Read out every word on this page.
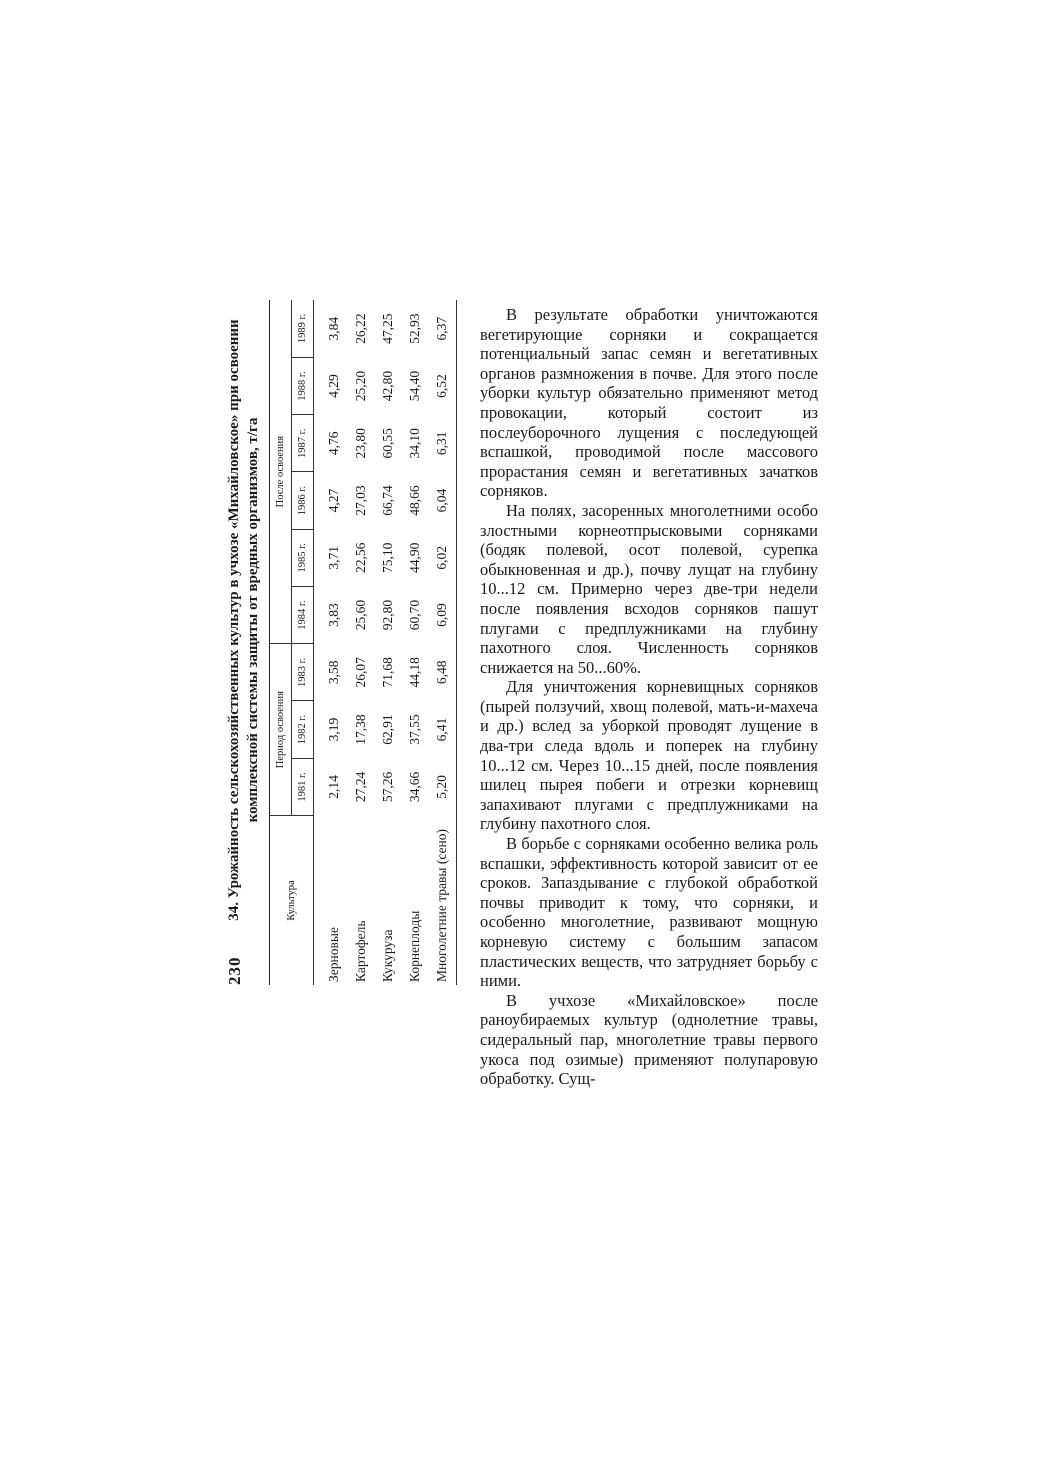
230
34. Урожайность сельскохозяйственных культур в учхозе «Михайловское» при освоении комплексной системы защиты от вредных организмов, т/га
Культура	Период освоения			После освоения					
	1981 г.	1982 г.	1983 г.	1984 г.	1985 г.	1986 г.	1987 г.	1988 г.	1989 г.
Зерновые	2,14	3,19	3,58	3,83	3,71	4,27	4,76	4,29	3,84
Картофель	27,24	17,38	26,07	25,60	22,56	27,03	23,80	25,20	26,22
Кукуруза	57,26	62,91	71,68	92,80	75,10	66,74	60,55	42,80	47,25
Корнеплоды	34,66	37,55	44,18	60,70	44,90	48,66	34,10	54,40	52,93
Многолетние травы (сено)	5,20	6,41	6,48	6,09	6,02	6,04	6,31	6,52	6,37

В результате обработки уничтожаются вегетирующие сорняки и сокращается потенциальный запас семян и вегетативных органов размножения в почве. Для этого после уборки культур обязательно применяют метод провокации, который состоит из послеуборочного лущения с последующей вспашкой, проводимой после массового прорастания семян и вегетативных зачатков сорняков.

На полях, засоренных многолетними особо злостными корнеотпрысковыми сорняками (бодяк полевой, осот полевой, сурепка обыкновенная и др.), почву лущат на глубину 10...12 см. Примерно через две-три недели после появления всходов сорняков пашут плугами с предплужниками на глубину пахотного слоя. Численность сорняков снижается на 50...60%.

Для уничтожения корневищных сорняков (пырей ползучий, хвощ полевой, мать-и-махеча и др.) вслед за уборкой проводят лущение в два-три следа вдоль и поперек на глубину 10...12 см. Через 10...15 дней, после появления шилец пырея побеги и отрезки корневищ запахивают плугами с предплужниками на глубину пахотного слоя.

В борьбе с сорняками особенно велика роль вспашки, эффективность которой зависит от ее сроков. Запаздывание с глубокой обработкой почвы приводит к тому, что сорняки, и особенно многолетние, развивают мощную корневую систему с большим запасом пластических веществ, что затрудняет борьбу с ними.

В учхозе «Михайловское» после раноубираемых культур (однолетние травы, сидеральный пар, многолетние травы первого укоса под озимые) применяют полупаровую обработку. Сущ-
